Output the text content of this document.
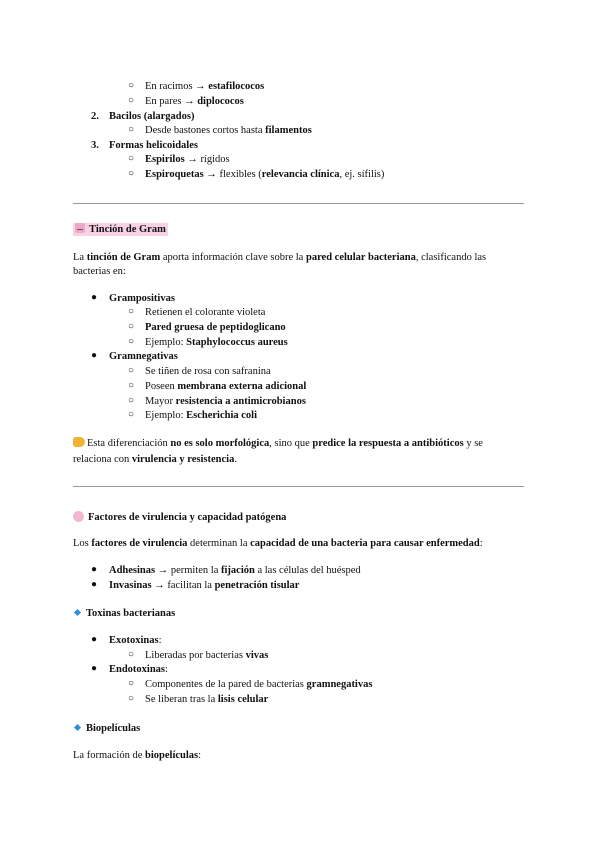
○ En racimos → estafilococos
○ En pares → diplococos
2. Bacilos (alargados)
○ Desde bastones cortos hasta filamentos
3. Formas helicoidales
○ Espirilos → rígidos
○ Espiroquetas → flexibles (relevancia clínica, ej. sífilis)
Tinción de Gram
La tinción de Gram aporta información clave sobre la pared celular bacteriana, clasificando las
bacterias en:
● Grampositivas
○ Retienen el colorante violeta
○ Pared gruesa de peptidoglicano
○ Ejemplo: Staphylococcus aureus
● Gramnegativas
○ Se tiñen de rosa con safranina
○ Poseen membrana externa adicional
○ Mayor resistencia a antimicrobianos
○ Ejemplo: Escherichia coli
Esta diferenciación no es solo morfológica, sino que predice la respuesta a antibióticos y se
relaciona con virulencia y resistencia.
Factores de virulencia y capacidad patógena
Los factores de virulencia determinan la capacidad de una bacteria para causar enfermedad:
● Adhesinas → permiten la fijación a las células del huésped
● Invasinas → facilitan la penetración tisular
Toxinas bacterianas
● Exotoxinas:
○ Liberadas por bacterias vivas
● Endotoxinas:
○ Componentes de la pared de bacterias gramnegativas
○ Se liberan tras la lisis celular
Biopelículas
La formación de biopelículas:
